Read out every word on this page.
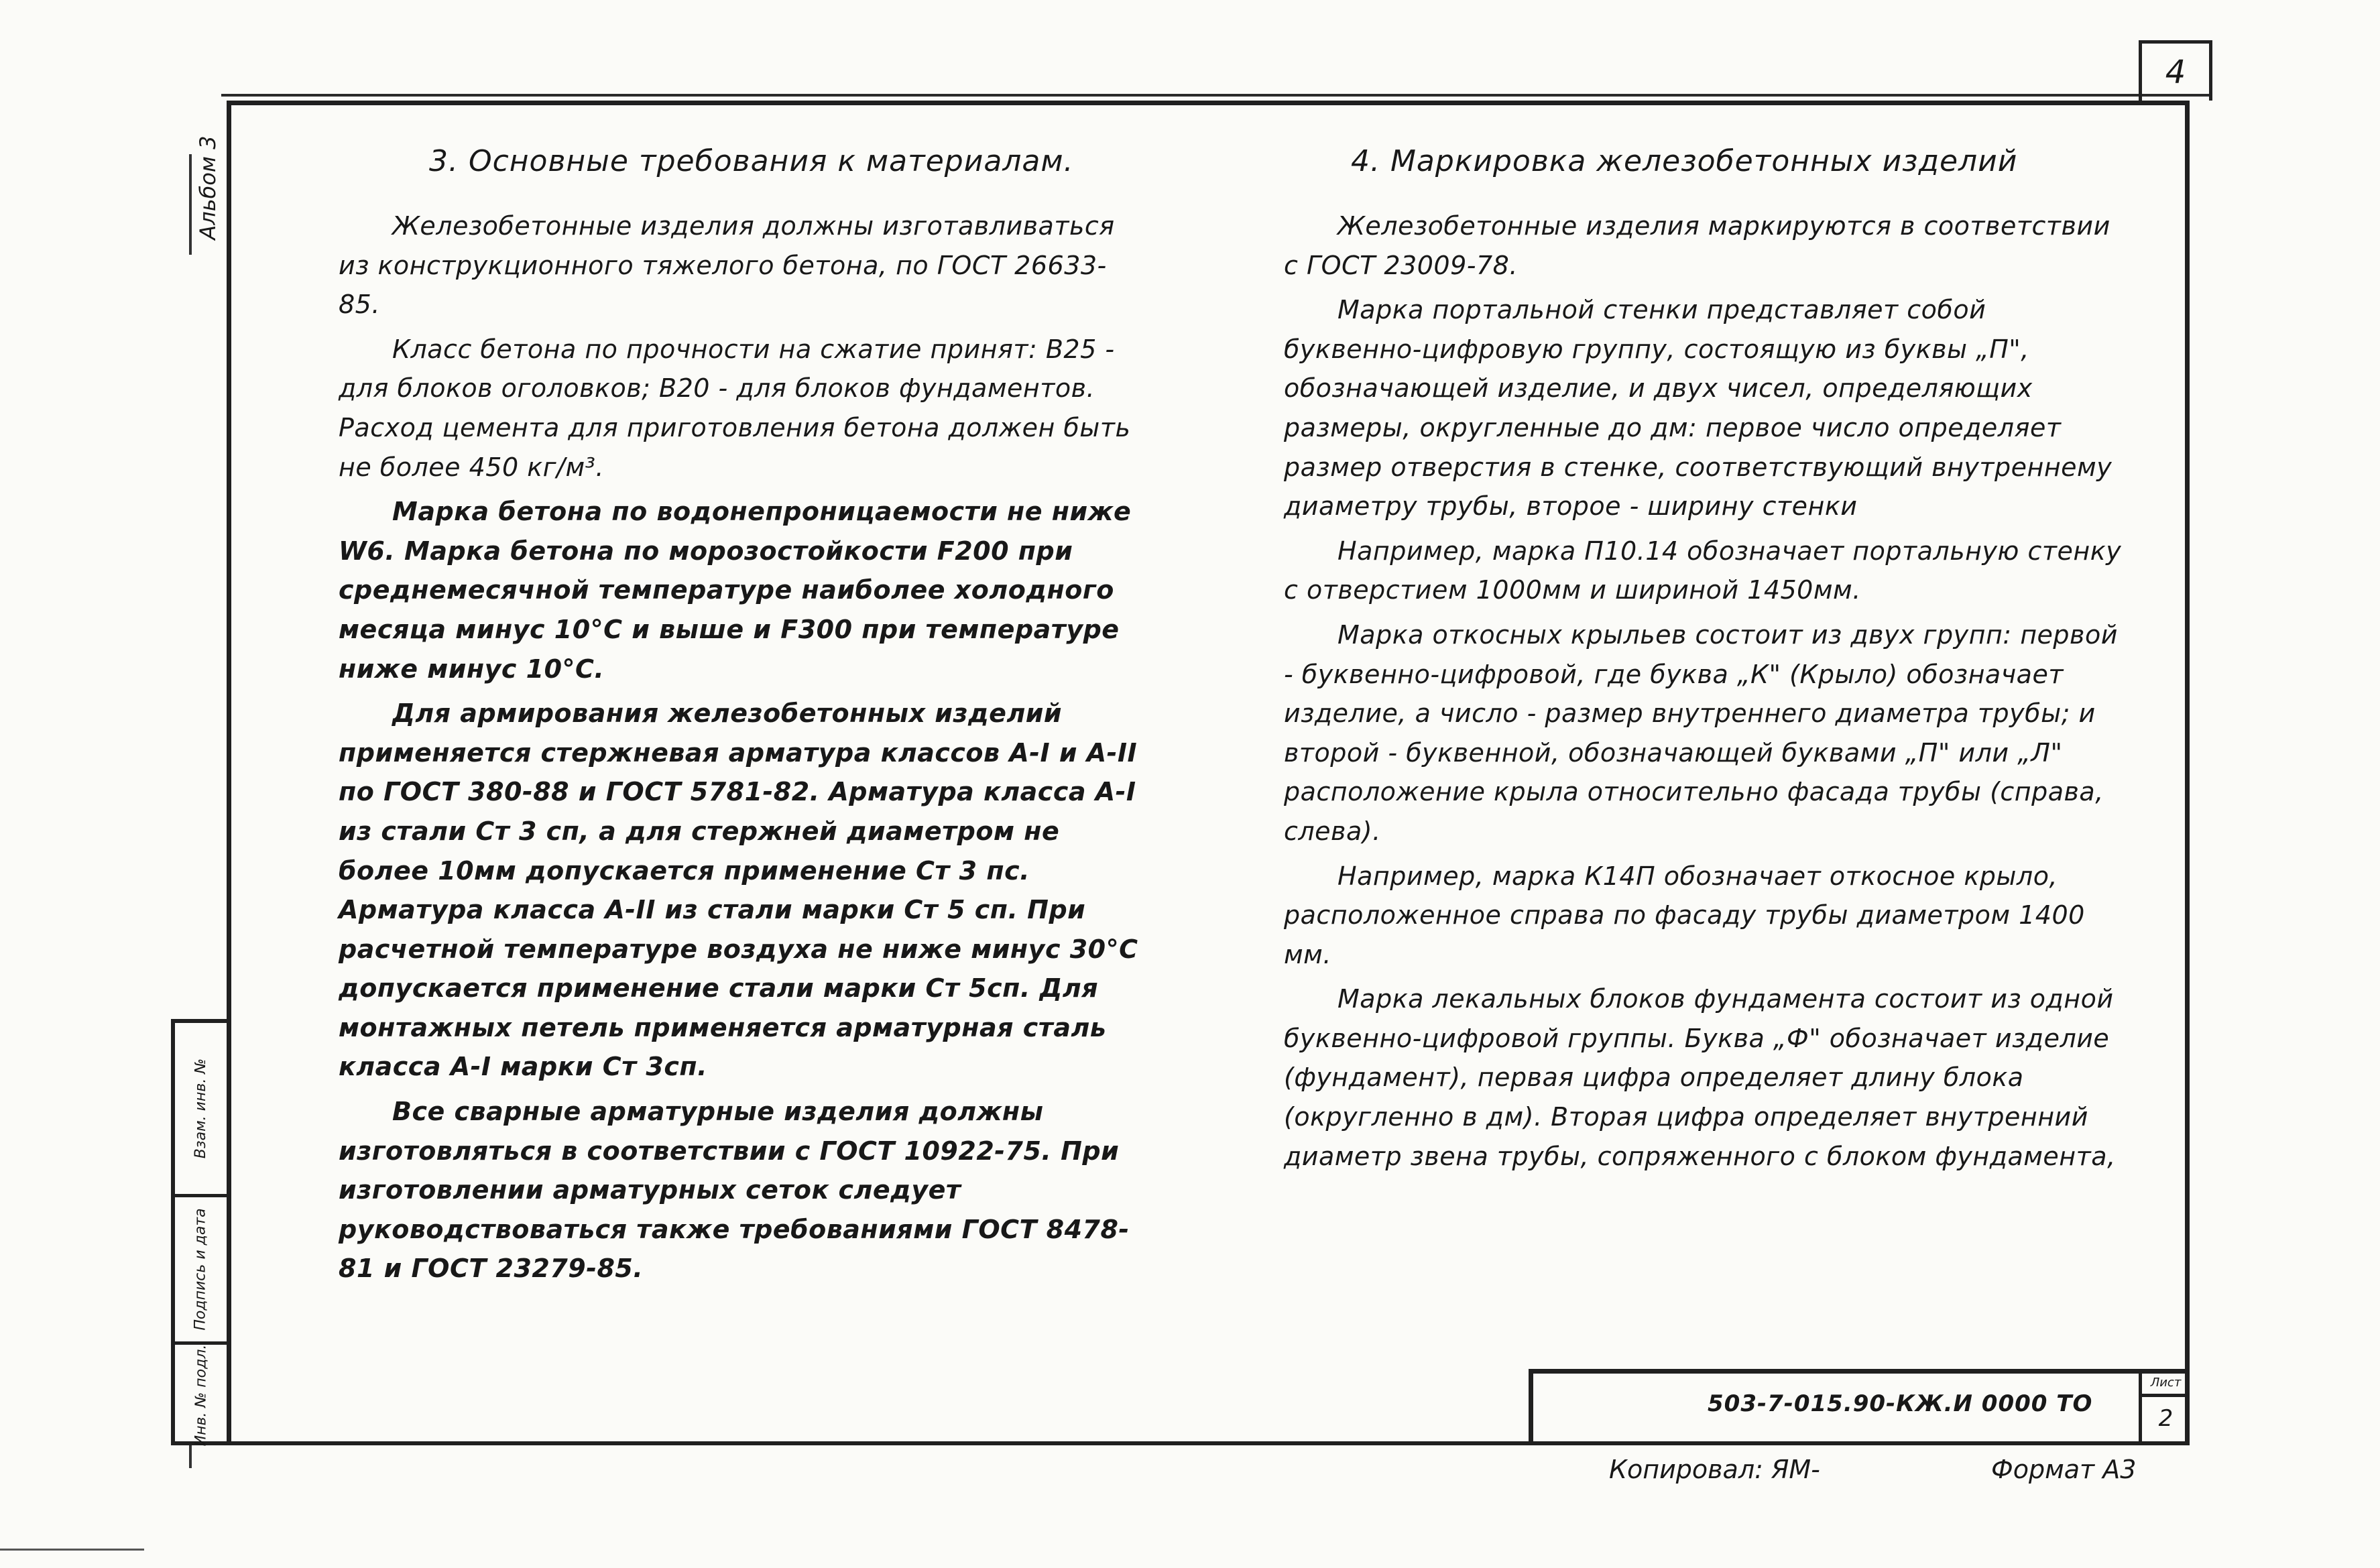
4
Альбом 3
Взам. инв. №
Подпись и дата
Инв. № подл.
3. Основные требования к материалам.

Железобетонные изделия должны изготавливаться из конструкционного тяжелого бетона, по ГОСТ 26633-85.

Класс бетона по прочности на сжатие принят: В25 - для блоков оголовков; В20 - для блоков фундаментов. Расход цемента для приготовления бетона должен быть не более 450 кг/м³.

Марка бетона по водонепроницаемости не ниже W6. Марка бетона по морозостойкости F200 при среднемесячной температуре наиболее холодного месяца минус 10°С и выше и F300 при температуре ниже минус 10°С.

Для армирования железобетонных изделий применяется стержневая арматура классов А-I и А-II по ГОСТ 380-88 и ГОСТ 5781-82. Арматура класса А-I из стали Ст 3 сп, а для стержней диаметром не более 10мм допускается применение Ст 3 пс. Арматура класса А-II из стали марки Ст 5 сп. При расчетной температуре воздуха не ниже минус 30°С допускается применение стали марки Ст 5сп. Для монтажных петель применяется арматурная сталь класса А-I марки Ст 3сп.

Все сварные арматурные изделия должны изготовляться в соответствии с ГОСТ 10922-75. При изготовлении арматурных сеток следует руководствоваться также требованиями ГОСТ 8478-81 и ГОСТ 23279-85.

4. Маркировка железобетонных изделий

Железобетонные изделия маркируются в соответствии с ГОСТ 23009-78.

Марка портальной стенки представляет собой буквенно-цифровую группу, состоящую из буквы „П", обозначающей изделие, и двух чисел, определяющих размеры, округленные до дм: первое число определяет размер отверстия в стенке, соответствующий внутреннему диаметру трубы, второе - ширину стенки

Например, марка П10.14 обозначает портальную стенку с отверстием 1000мм и шириной 1450мм.

Марка откосных крыльев состоит из двух групп: первой - буквенно-цифровой, где буква „К" (Крыло) обозначает изделие, а число - размер внутреннего диаметра трубы; и второй - буквенной, обозначающей буквами „П" или „Л" расположение крыла относительно фасада трубы (справа, слева).

Например, марка К14П обозначает откосное крыло, расположенное справа по фасаду трубы диаметром 1400 мм.

Марка лекальных блоков фундамента состоит из одной буквенно-цифровой группы. Буква „Ф" обозначает изделие (фундамент), первая цифра определяет длину блока (округленно в дм). Вторая цифра определяет внутренний диаметр звена трубы, сопряженного с блоком фундамента,

503-7-015.90-КЖ.И 0000 ТО
Лист
2
Копировал: ЯМ-	Формат А3
